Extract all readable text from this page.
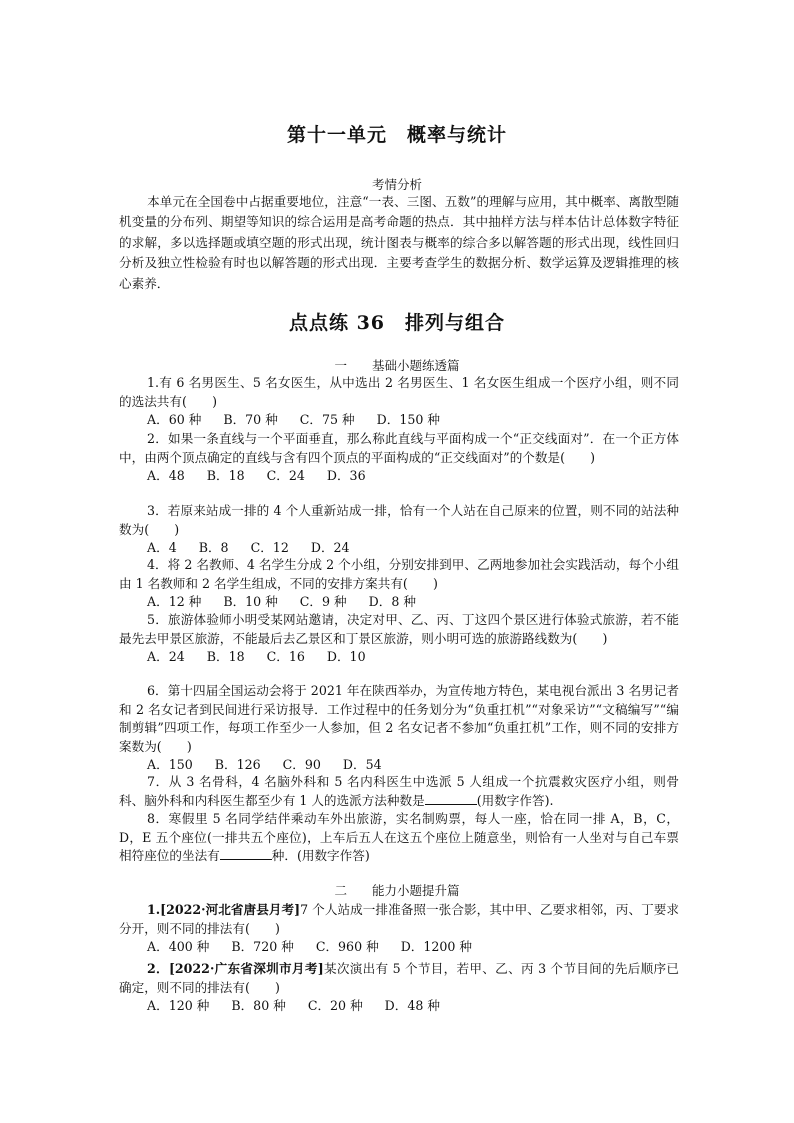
第十一单元　概率与统计
考情分析
本单元在全国卷中占据重要地位，注意“一表、三图、五数”的理解与应用，其中概率、离散型随机变量的分布列、期望等知识的综合运用是高考命题的热点．其中抽样方法与样本估计总体数字特征的求解，多以选择题或填空题的形式出现，统计图表与概率的综合多以解答题的形式出现，线性回归分析及独立性检验有时也以解答题的形式出现．主要考查学生的数据分析、数学运算及逻辑推理的核心素养．
点点练 36　排列与组合
一　　基础小题练透篇
1.有 6 名男医生、5 名女医生，从中选出 2 名男医生、1 名女医生组成一个医疗小组，则不同的选法共有(　　)
A．60 种 B．70 种 C．75 种 D．150 种
2．如果一条直线与一个平面垂直，那么称此直线与平面构成一个“正交线面对”．在一个正方体中，由两个顶点确定的直线与含有四个顶点的平面构成的“正交线面对”的个数是(　　)
A．48 B．18 C．24 D．36
3．若原来站成一排的 4 个人重新站成一排，恰有一个人站在自己原来的位置，则不同的站法种数为(　　)
A．4 B．8 C．12 D．24
4．将 2 名教师、4 名学生分成 2 个小组，分别安排到甲、乙两地参加社会实践活动，每个小组由 1 名教师和 2 名学生组成，不同的安排方案共有(　　)
A．12 种 B．10 种 C．9 种 D．8 种
5．旅游体验师小明受某网站邀请，决定对甲、乙、丙、丁这四个景区进行体验式旅游，若不能最先去甲景区旅游，不能最后去乙景区和丁景区旅游，则小明可选的旅游路线数为(　　)
A．24 B．18 C．16 D．10
6．第十四届全国运动会将于 2021 年在陕西举办，为宣传地方特色，某电视台派出 3 名男记者和 2 名女记者到民间进行采访报导．工作过程中的任务划分为“负重扛机”“对象采访”“文稿编写”“编制剪辑”四项工作，每项工作至少一人参加，但 2 名女记者不参加“负重扛机”工作，则不同的安排方案数为(　　)
A．150 B．126 C．90 D．54
7．从 3 名骨科，4 名脑外科和 5 名内科医生中选派 5 人组成一个抗震救灾医疗小组，则骨科、脑外科和内科医生都至少有 1 人的选派方法种数是	(用数字作答).
8．寒假里 5 名同学结伴乘动车外出旅游，实名制购票，每人一座，恰在同一排 A，B，C，D，E 五个座位(一排共五个座位)，上车后五人在这五个座位上随意坐，则恰有一人坐对与自己车票相符座位的坐法有	种．(用数字作答)
二　　能力小题提升篇
1.[2022·河北省唐县月考]7 个人站成一排准备照一张合影，其中甲、乙要求相邻，丙、丁要求分开，则不同的排法有(　　)
A．400 种 B．720 种 C．960 种 D．1200 种
2．[2022·广东省深圳市月考]某次演出有 5 个节目，若甲、乙、丙 3 个节目间的先后顺序已确定，则不同的排法有(　　)
A．120 种 B．80 种 C．20 种 D．48 种
